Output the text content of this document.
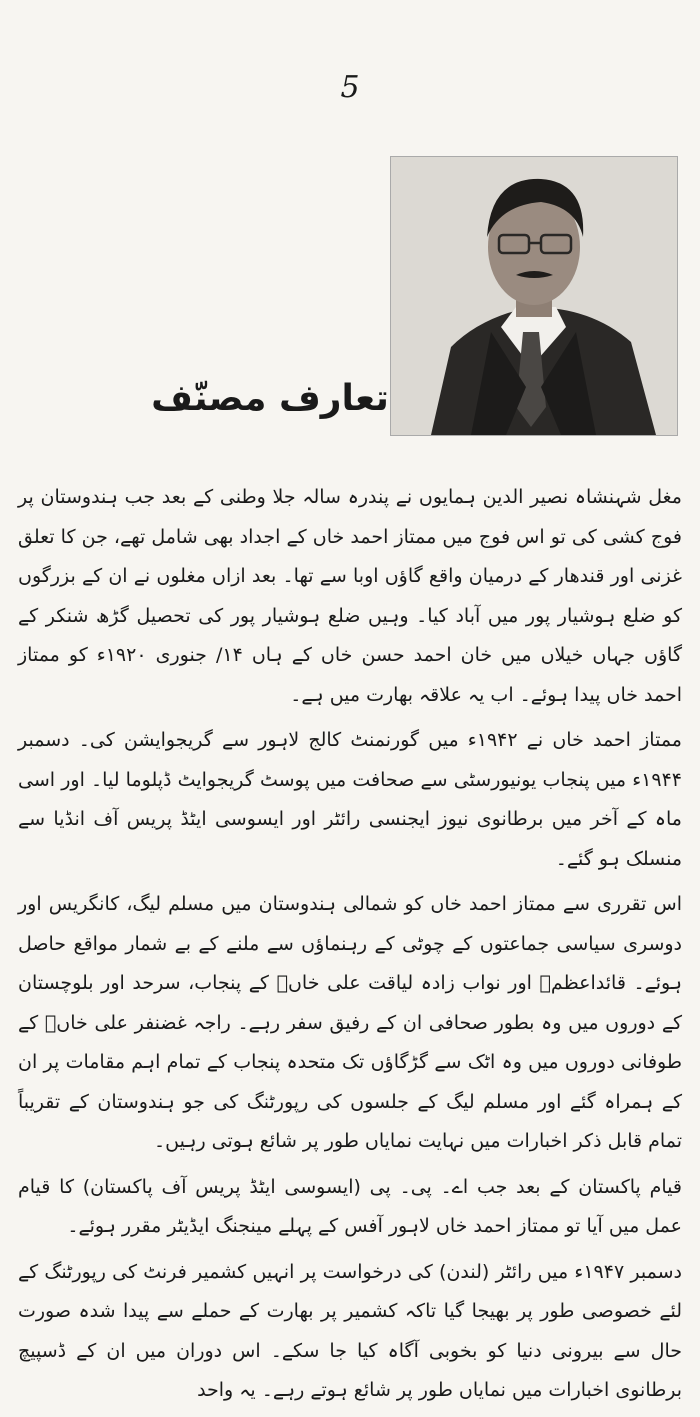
5
تعارف مصنّف

مغل شہنشاہ نصیر الدین ہمایوں نے پندرہ سالہ جلا وطنی کے بعد جب ہندوستان پر فوج کشی کی تو اس فوج میں ممتاز احمد خاں کے اجداد بھی شامل تھے، جن کا تعلق غزنی اور قندھار کے درمیان واقع گاؤں اوبا سے تھا۔ بعد ازاں مغلوں نے ان کے بزرگوں کو ضلع ہوشیار پور میں آباد کیا۔ وہیں ضلع ہوشیار پور کی تحصیل گڑھ شنکر کے گاؤں جہاں خیلاں میں خان احمد حسن خاں کے ہاں ۱۴/ جنوری ۱۹۲۰ء کو ممتاز احمد خاں پیدا ہوئے۔ اب یہ علاقہ بھارت میں ہے۔

ممتاز احمد خاں نے ۱۹۴۲ء میں گورنمنٹ کالج لاہور سے گریجوایشن کی۔ دسمبر ۱۹۴۴ء میں پنجاب یونیورسٹی سے صحافت میں پوسٹ گریجوایٹ ڈپلوما لیا۔ اور اسی ماہ کے آخر میں برطانوی نیوز ایجنسی رائٹر اور ایسوسی ایٹڈ پریس آف انڈیا سے منسلک ہو گئے۔

اس تقرری سے ممتاز احمد خاں کو شمالی ہندوستان میں مسلم لیگ، کانگریس اور دوسری سیاسی جماعتوں کے چوٹی کے رہنماؤں سے ملنے کے بے شمار مواقع حاصل ہوئے۔ قائداعظمؒ اور نواب زادہ لیاقت علی خاںؒ کے پنجاب، سرحد اور بلوچستان کے دوروں میں وہ بطور صحافی ان کے رفیق سفر رہے۔ راجہ غضنفر علی خاںؒ کے طوفانی دوروں میں وہ اٹک سے گڑگاؤں تک متحدہ پنجاب کے تمام اہم مقامات پر ان کے ہمراہ گئے اور مسلم لیگ کے جلسوں کی رپورٹنگ کی جو ہندوستان کے تقریباً تمام قابل ذکر اخبارات میں نہایت نمایاں طور پر شائع ہوتی رہیں۔

قیام پاکستان کے بعد جب اے۔ پی۔ پی (ایسوسی ایٹڈ پریس آف پاکستان) کا قیام عمل میں آیا تو ممتاز احمد خاں لاہور آفس کے پہلے مینجنگ ایڈیٹر مقرر ہوئے۔

دسمبر ۱۹۴۷ء میں رائٹر (لندن) کی درخواست پر انہیں کشمیر فرنٹ کی رپورٹنگ کے لئے خصوصی طور پر بھیجا گیا تاکہ کشمیر پر بھارت کے حملے سے پیدا شدہ صورت حال سے بیرونی دنیا کو بخوبی آگاہ کیا جا سکے۔ اس دوران میں ان کے ڈسپیچ برطانوی اخبارات میں نمایاں طور پر شائع ہوتے رہے۔ یہ واحد
